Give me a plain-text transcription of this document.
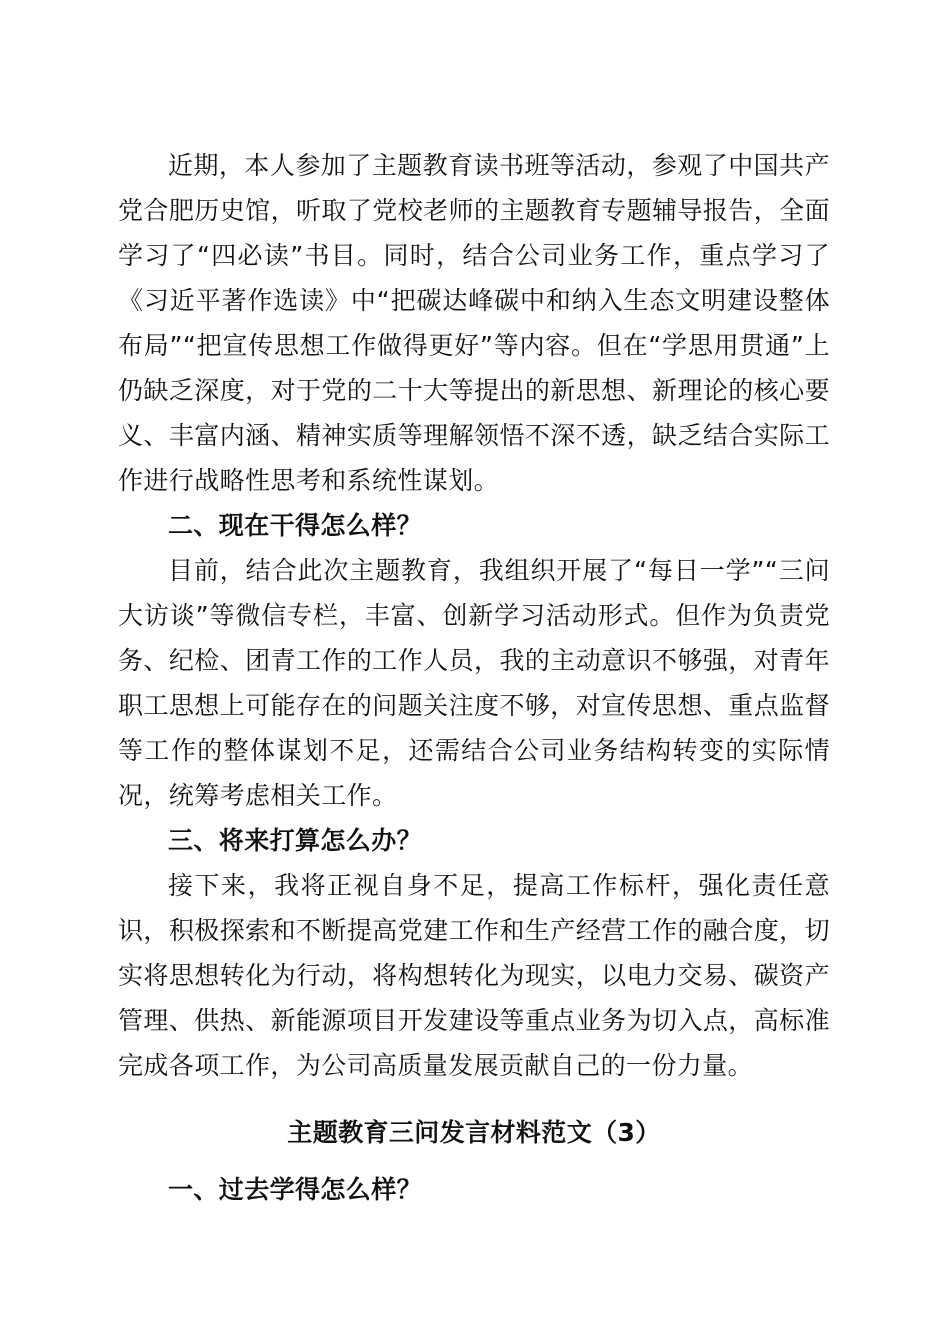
近期，本人参加了主题教育读书班等活动，参观了中国共产党合肥历史馆，听取了党校老师的主题教育专题辅导报告，全面学习了“四必读”书目。同时，结合公司业务工作，重点学习了《习近平著作选读》中“把碳达峰碳中和纳入生态文明建设整体布局”“把宣传思想工作做得更好”等内容。但在“学思用贯通”上仍缺乏深度，对于党的二十大等提出的新思想、新理论的核心要义、丰富内涵、精神实质等理解领悟不深不透，缺乏结合实际工作进行战略性思考和系统性谋划。

二、现在干得怎么样？

目前，结合此次主题教育，我组织开展了“每日一学”“三问大访谈”等微信专栏，丰富、创新学习活动形式。但作为负责党务、纪检、团青工作的工作人员，我的主动意识不够强，对青年职工思想上可能存在的问题关注度不够，对宣传思想、重点监督等工作的整体谋划不足，还需结合公司业务结构转变的实际情况，统筹考虑相关工作。

三、将来打算怎么办？

接下来，我将正视自身不足，提高工作标杆，强化责任意识，积极探索和不断提高党建工作和生产经营工作的融合度，切实将思想转化为行动，将构想转化为现实，以电力交易、碳资产管理、供热、新能源项目开发建设等重点业务为切入点，高标准完成各项工作，为公司高质量发展贡献自己的一份力量。

主题教育三问发言材料范文（3）

一、过去学得怎么样？
